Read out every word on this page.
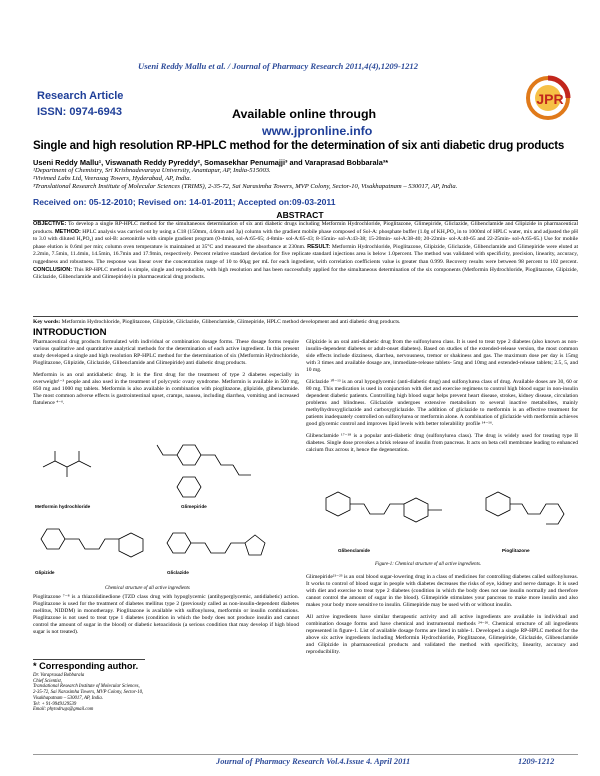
Useni Reddy Mallu et al. / Journal of Pharmacy Research 2011,4(4),1209-1212
JPR
Research Article
ISSN: 0974-6943	Available online through
www.jpronline.info
Single and high resolution RP-HPLC method for the determination of six anti diabetic drug products
Useni Reddy Mallu¹, Viswanath Reddy Pyreddy², Somasekhar Penumajji³ and Varaprasad Bobbarala³*
¹Department of Chemistry, Sri Krishnadevaraya University, Anantapur, AP, India-515003.
²Vivimed Labs Ltd, Veerasag Towers, Hyderabad, AP, India.
³Translational Research Institute of Molecular Sciences (TRIMS), 2-35-72, Sai Narasimha Towers, MVP Colony, Sector-10, Visakhapatnam – 530017, AP, India.
Received on: 05-12-2010; Revised on: 14-01-2011; Accepted on:09-03-2011
ABSTRACT
OBJECTIVE: To develop a single RP-HPLC method for the simultaneous determination of six anti diabetic drugs including Metformin Hydrochloride, Pioglitazone, Glimepiride, Gliclazide, Glibenclamide and Glipizide in pharmaceutical products. METHOD: HPLC analysis was carried out by using a C18 (150mm, 4.6mm and 3μ) column with the gradient mobile phase composed of Sol-A: phosphate buffer (1.0g of KH₂PO₄ in to 1000ml of HPLC water, mix and adjusted the pH to 3.0 with diluted H₃PO₄) and sol-B: acetonitrile with simple gradient program (0-4min, sol-A:65-65; 4-8min- sol-A:65-43; 8-15min- sol-A:43-38; 15-20min- sol-A:38-40; 20-22min- sol-A:40-65 and 22-25min- sol-A:65-65.) Use for mobile phase elution is 0.6ml per min; column oven temperature is maintained at 35°C and measured the absorbance at 230nm. RESULT: Metformin Hydrochloride, Pioglitazone, Glipizide, Gliclazide, Glibenclamide and Glimepiride were eluted at 2.2min, 7.5min, 11.4min, 14.5min, 16.7min and 17.9min, respectively. Percent relative standard deviation for five replicate standard injections area is below 1.0percent. The method was validated with specificity, precision, linearity, accuracy, ruggedness and robustness. The response was linear over the concentration range of 10 to 60μg per mL for each ingredient, with correlation coefficients value is greater than 0.999. Recovery results were between 98 percent to 102 percent. CONCLUSION: This RP-HPLC method is simple, single and reproducible, with high resolution and has been successfully applied for the simultaneous determination of the six components (Metformin Hydrochloride, Pioglitazone, Glipizide, Gliclazide, Glibenclamide and Glimepiride) in pharmaceutical drug products.
Key words: Metformin Hydrochloride, Pioglitazone, Glipizide, Gliclazide, Glibenclamide, Glimepiride, HPLC method development and anti diabetic drug products.
INTRODUCTION

Pharmaceutical drug products formulated with individual or combination dosage forms. These dosage forms require various qualitative and quantitative analytical methods for the determination of each active ingredient. In this present study developed a single and high resolution RP-HPLC method for the determination of six (Metformin Hydrochloride, Pioglitazone, Glipizide, Gliclazide, Glibenclamide and Glimepiride) anti diabetic drug products.

Metformin is an oral antidiabetic drug. It is the first drug for the treatment of type 2 diabetes especially in overweight¹⁻³ people and also used in the treatment of polycystic ovary syndrome. Metformin is available in 500 mg, 850 mg and 1000 mg tablets. Metformin is also available in combination with pioglitazone, glipizide, glibenclamide. The most common adverse effects is gastrointestinal upset, cramps, nausea, including diarrhea, vomiting and increased flatulence ⁴⁻⁶.

Metformin hydrochloride	Glimepiride
Glipizide	Gliclazide
Chemical structure of all active ingredients

Pioglitazone ⁷⁻⁸ is a thiazolidinedione (TZD class drug with hypoglycemic (antihyperglycemic, antidiabetic) action. Pioglitazone is used for the treatment of diabetes mellitus type 2 (previously called as non-insulin-dependent diabetes mellitus, NIDDM) in monotherapy. Pioglitazone is available with sulfonylurea, metformin or insulin combinations. Pioglitazone is not used to treat type 1 diabetes (condition in which the body does not produce insulin and cannot control the amount of sugar in the blood) or diabetic ketoacidosis (a serious condition that may develop if high blood sugar is not treated).

* Corresponding author.
Dr. Varaprasad Bobbarala
Chief Scientist,
Translational Research Institute of Molecular Sciences,
2-35-72, Sai Narasimha Towers, MVP Colony, Sector-10,
Visakhapatnam – 530017, AP, India.
Tel: + 91-9949129539
Email: phytodrugs@gmail.com

Glipizide is an oral anti-diabetic drug from the sulfonylurea class. It is used to treat type 2 diabetes (also known as non-insulin-dependent diabetes or adult-onset diabetes). Based on studies of the extended-release version, the most common side effects include dizziness, diarrhea, nervousness, tremor or shakiness and gas. The maximum dose per day is 15mg with 3 times and available dosage are, immediate-release tablets- 5mg and 10mg and extended-release tablets; 2.5, 5, and 10 mg.

Gliclazide ¹⁰⁻¹³ is an oral hypoglycemic (anti-diabetic drug) and sulfonylurea class of drug. Available doses are 30, 60 or 80 mg. This medication is used in conjunction with diet and exercise regimens to control high blood sugar in non-insulin dependent diabetic patients. Controlling high blood sugar helps prevent heart disease, strokes, kidney disease, circulation problems and blindness. Gliclazide undergoes extensive metabolism to several inactive metabolites, mainly methylhydroxygliclazide and carboxygliclazide. The addition of gliclazide to metformin is an effective treatment for patients inadequately controlled on sulfonylurea or metformin alone. A combination of gliclazide with metformin achieves good glycemic control and improves lipid levels with better tolerability profile ¹⁴⁻¹⁶.

Glibenclamide ¹⁷⁻¹⁸ is a popular anti-diabetic drug (sulfonylurea class). The drug is widely used for treating type II diabetes. Single dose provokes a brisk release of insulin from pancreas. It acts on beta cell membrane leading to enhanced calcium flux across it, hence the degeneration.

Glibenclamide	Pioglitazone
Figure-1: Chemical structure of all active ingredients.

Glimepiride²¹⁻²³ is an oral blood sugar-lowering drug in a class of medicines for controlling diabetes called sulfonylureas. It works to control of blood sugar in people with diabetes decreases the risks of eye, kidney and nerve damage. It is used with diet and exercise to treat type 2 diabetes (condition in which the body does not use insulin normally and therefore cannot control the amount of sugar in the blood). Glimepiride stimulates your pancreas to make more insulin and also makes your body more sensitive to insulin. Glimepiride may be used with or without insulin.

All active ingredients have similar therapeutic activity and all active ingredients are available in individual and combination dosage forms and have chemical and instrumental methods ²⁴⁻²⁶. Chemical structure of all ingredients represented in figure-1. List of available dosage forms are listed in table-1. Developed a single RP-HPLC method for the above six active ingredients including Metformin Hydrochloride, Pioglitazone, Glimepiride, Gliclazide, Glibenclamide and Glipizide in pharmaceutical products and validated the method with specificity, linearity, accuracy and reproducibility.

Journal of Pharmacy Research Vol.4.Issue 4. April 2011	1209-1212
